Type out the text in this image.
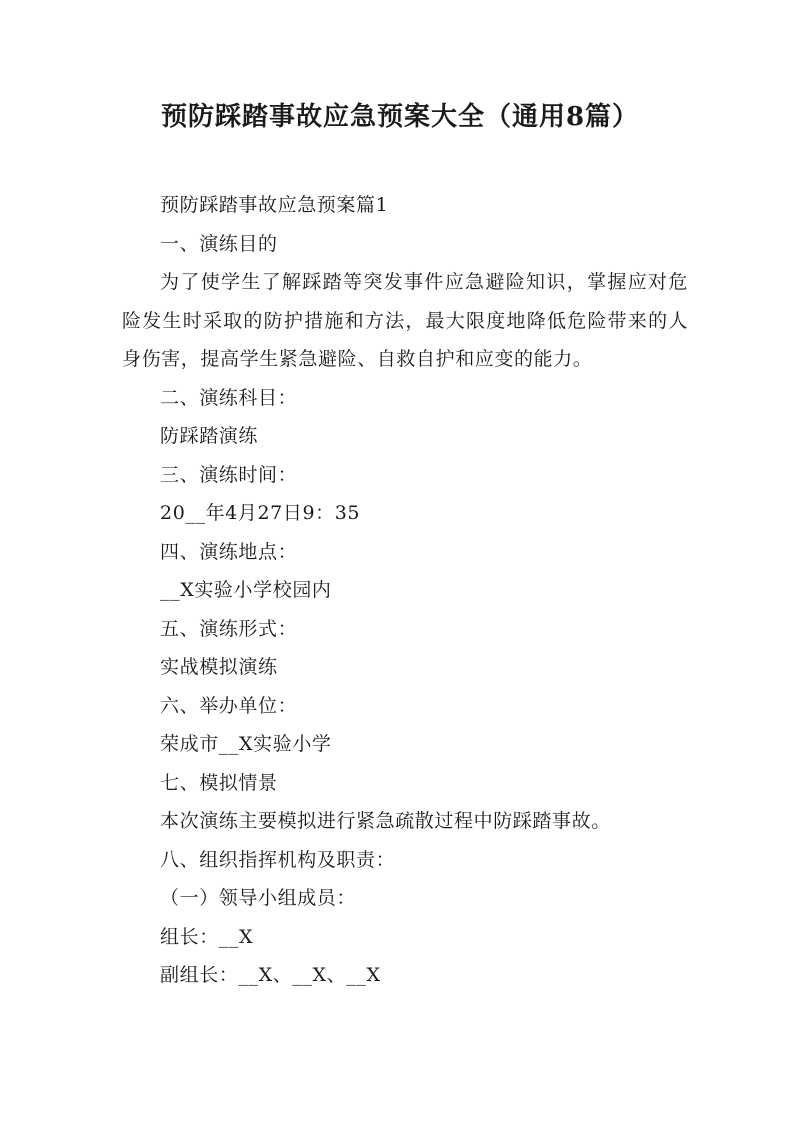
预防踩踏事故应急预案大全（通用8篇）

预防踩踏事故应急预案篇1

一、演练目的

为了使学生了解踩踏等突发事件应急避险知识，掌握应对危险发生时采取的防护措施和方法，最大限度地降低危险带来的人身伤害，提高学生紧急避险、自救自护和应变的能力。

二、演练科目：

防踩踏演练

三、演练时间：

20__年4月27日9：35

四、演练地点：

__X实验小学校园内

五、演练形式：

实战模拟演练

六、举办单位：

荣成市__X实验小学

七、模拟情景

本次演练主要模拟进行紧急疏散过程中防踩踏事故。

八、组织指挥机构及职责：

（一）领导小组成员：

组长：__X

副组长：__X、__X、__X
